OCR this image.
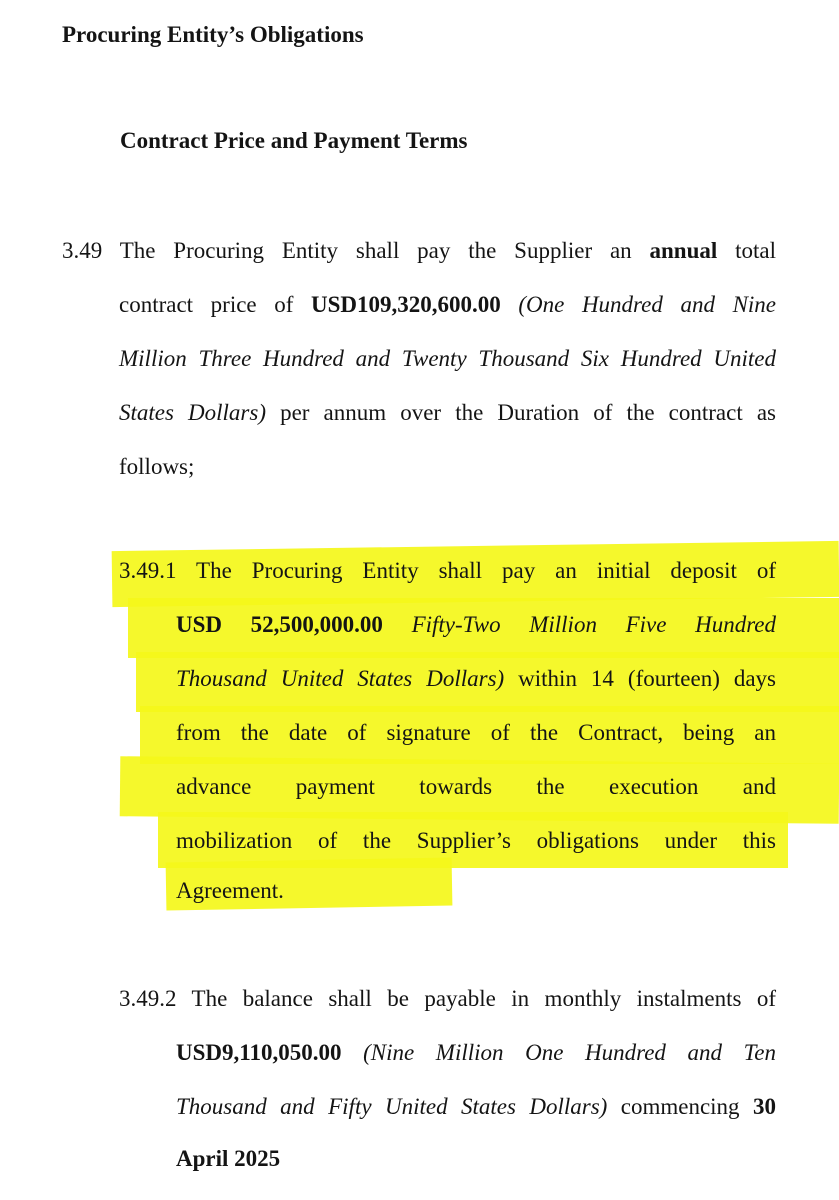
Procuring Entity’s Obligations
Contract Price and Payment Terms
3.49 The Procuring Entity shall pay the Supplier an annual total
contract price of USD109,320,600.00 (One Hundred and Nine
Million Three Hundred and Twenty Thousand Six Hundred United
States Dollars) per annum over the Duration of the contract as
follows;
3.49.1 The Procuring Entity shall pay an initial deposit of
USD 52,500,000.00 Fifty-Two Million Five Hundred
Thousand United States Dollars) within 14 (fourteen) days
from the date of signature of the Contract, being an
advance payment towards the execution and
mobilization of the Supplier’s obligations under this
Agreement.
3.49.2 The balance shall be payable in monthly instalments of
USD9,110,050.00 (Nine Million One Hundred and Ten
Thousand and Fifty United States Dollars) commencing 30
April 2025
